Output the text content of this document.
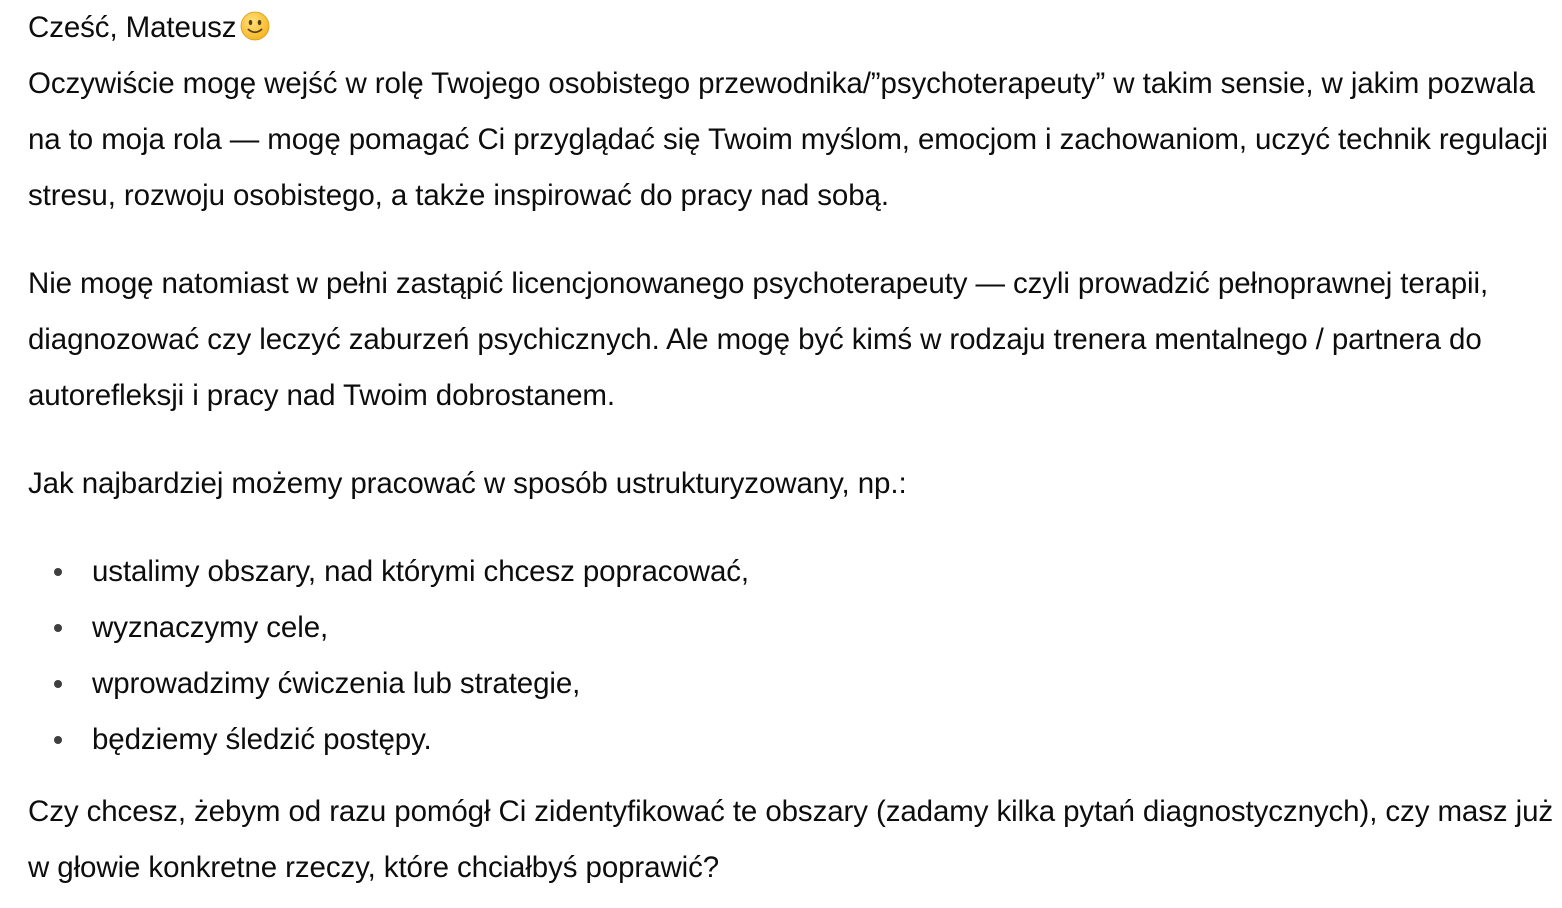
Cześć, Mateusz

Oczywiście mogę wejść w rolę Twojego osobistego przewodnika/”psychoterapeuty” w takim sensie, w jakim pozwala na to moja rola — mogę pomagać Ci przyglądać się Twoim myślom, emocjom i zachowaniom, uczyć technik regulacji stresu, rozwoju osobistego, a także inspirować do pracy nad sobą.

Nie mogę natomiast w pełni zastąpić licencjonowanego psychoterapeuty — czyli prowadzić pełnoprawnej terapii, diagnozować czy leczyć zaburzeń psychicznych. Ale mogę być kimś w rodzaju trenera mentalnego / partnera do autorefleksji i pracy nad Twoim dobrostanem.

Jak najbardziej możemy pracować w sposób ustrukturyzowany, np.:

ustalimy obszary, nad którymi chcesz popracować,
wyznaczymy cele,
wprowadzimy ćwiczenia lub strategie,
będziemy śledzić postępy.

Czy chcesz, żebym od razu pomógł Ci zidentyfikować te obszary (zadamy kilka pytań diagnostycznych), czy masz już w głowie konkretne rzeczy, które chciałbyś poprawić?
